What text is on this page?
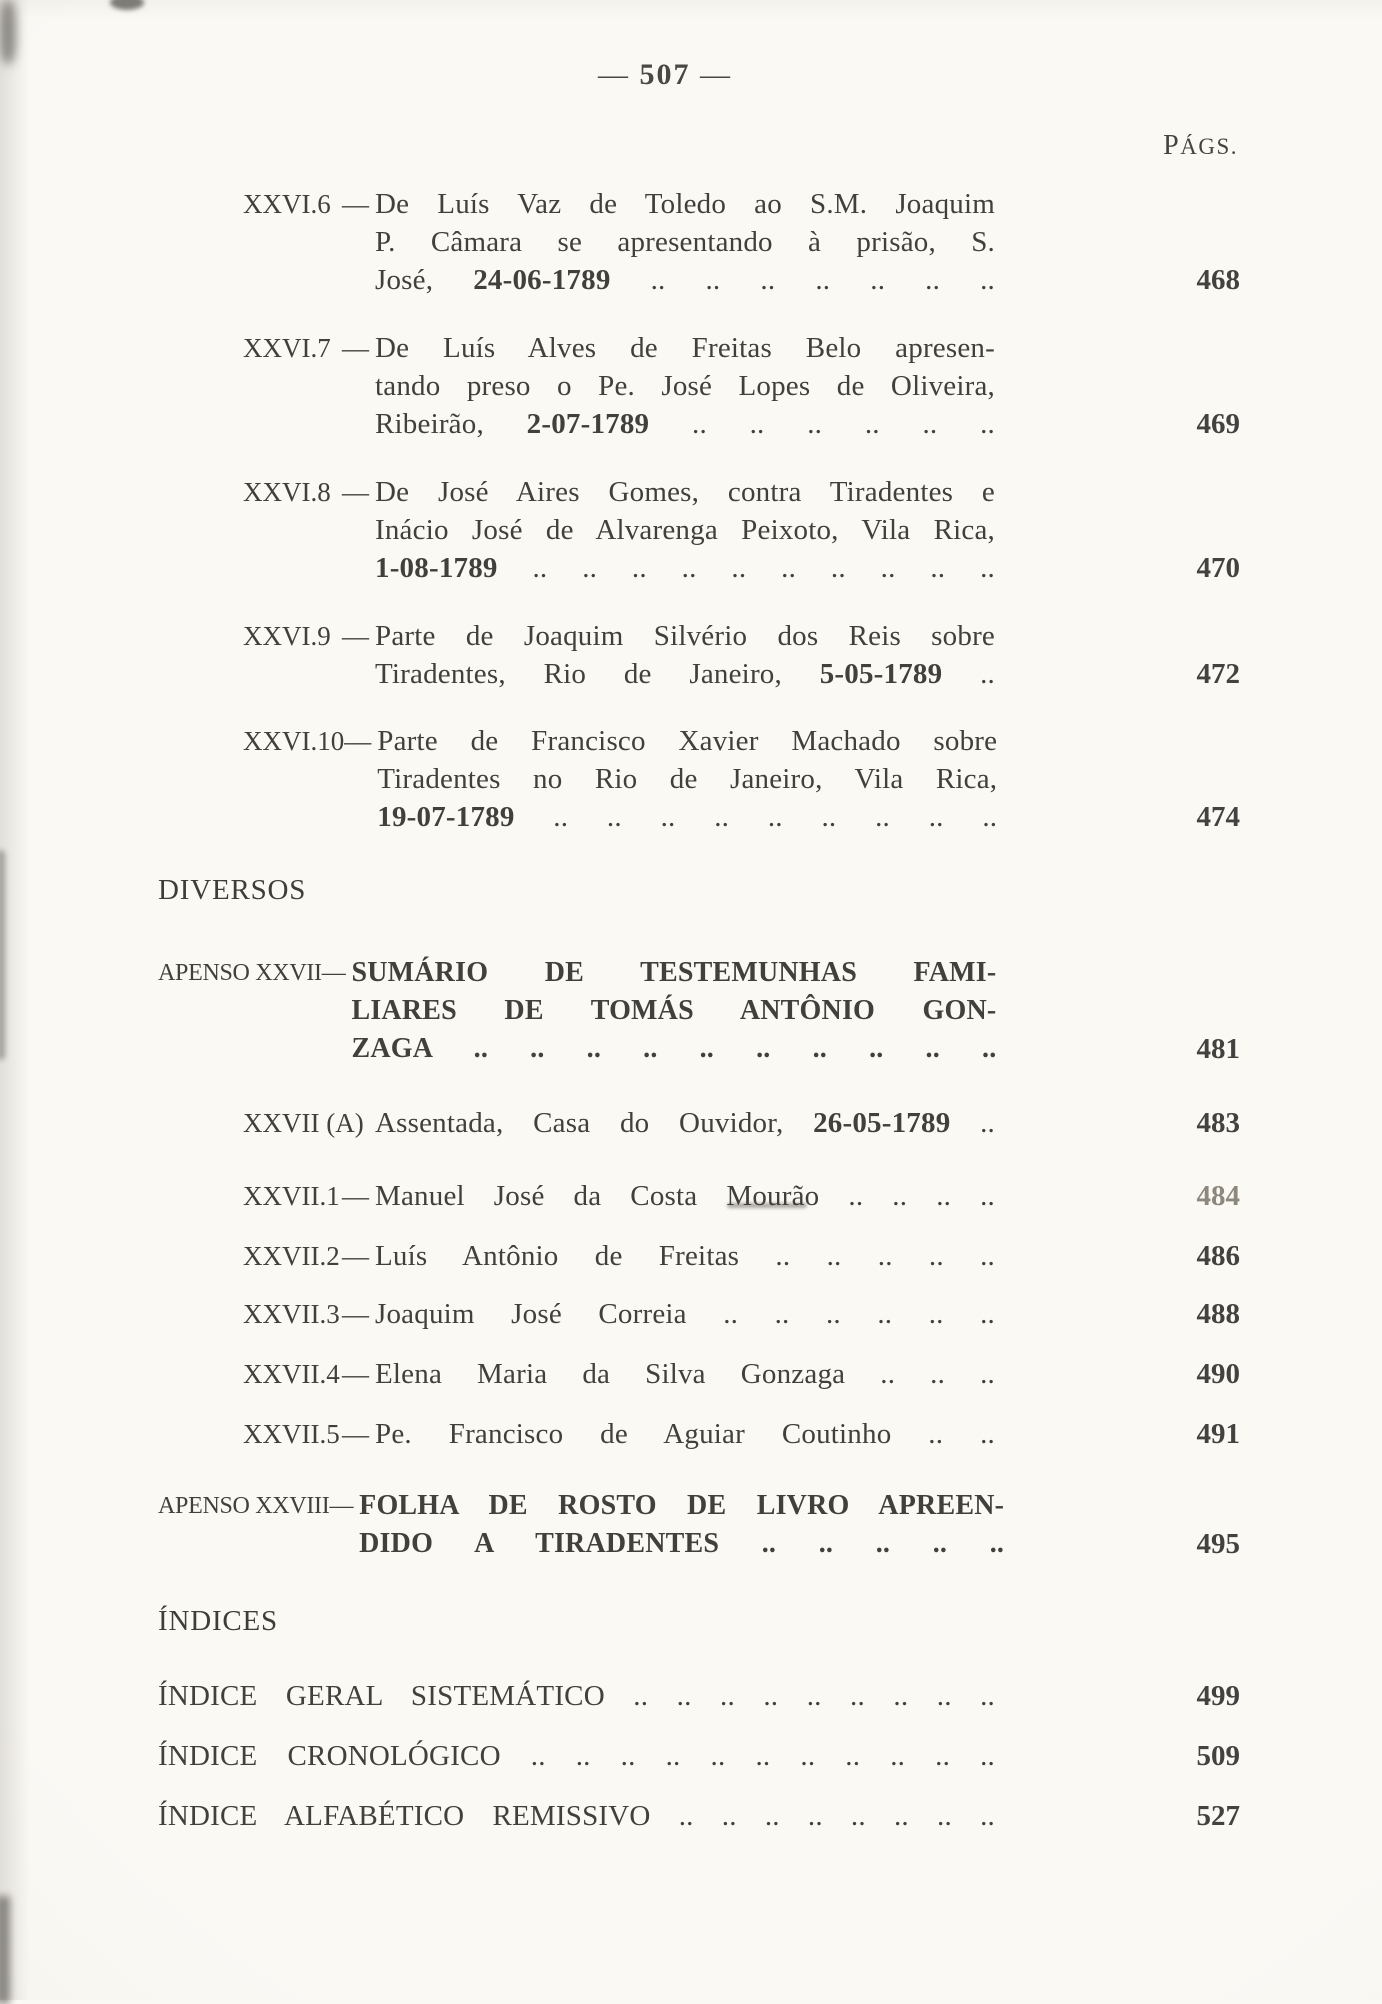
— 507 —
PÁGS.
XXVI.6 — De Luís Vaz de Toledo ao S.M. Joaquim
P. Câmara se apresentando à prisão, S.
José, 24-06-1789 .. .. .. .. .. .. ..	468
XXVI.7 — De Luís Alves de Freitas Belo apresen-
tando preso o Pe. José Lopes de Oliveira,
Ribeirão, 2-07-1789 .. .. .. .. .. ..	469
XXVI.8 — De José Aires Gomes, contra Tiradentes e
Inácio José de Alvarenga Peixoto, Vila Rica,
1-08-1789 .. .. .. .. .. .. .. .. .. ..	470
XXVI.9 — Parte de Joaquim Silvério dos Reis sobre
Tiradentes, Rio de Janeiro, 5-05-1789 ..	472
XXVI.10 — Parte de Francisco Xavier Machado sobre
Tiradentes no Rio de Janeiro, Vila Rica,
19-07-1789 .. .. .. .. .. .. .. .. ..	474
DIVERSOS
APENSO XXVII — SUMÁRIO DE TESTEMUNHAS FAMI-
LIARES DE TOMÁS ANTÔNIO GON-
ZAGA .. .. .. .. .. .. .. .. .. ..	481
XXVII (A) Assentada, Casa do Ouvidor, 26-05-1789 ..	483
XXVII.1 — Manuel José da Costa Mourão .. .. .. ..	484
XXVII.2 — Luís Antônio de Freitas .. .. .. .. ..	486
XXVII.3 — Joaquim José Correia .. .. .. .. .. ..	488
XXVII.4 — Elena Maria da Silva Gonzaga .. .. ..	490
XXVII.5 — Pe. Francisco de Aguiar Coutinho .. ..	491
APENSO XXVIII — FOLHA DE ROSTO DE LIVRO APREEN-
DIDO A TIRADENTES .. .. .. .. ..	495
ÍNDICES
ÍNDICE GERAL SISTEMÁTICO .. .. .. .. .. .. .. .. ..	499
ÍNDICE CRONOLÓGICO .. .. .. .. .. .. .. .. .. .. ..	509
ÍNDICE ALFABÉTICO REMISSIVO .. .. .. .. .. .. .. ..	527
